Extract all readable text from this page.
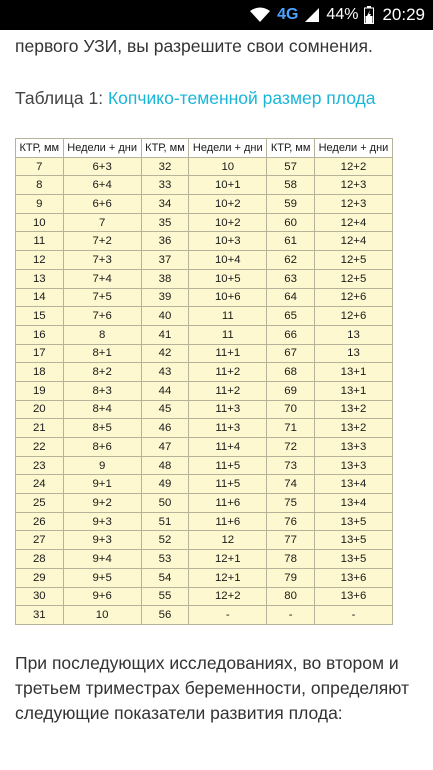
4G 44% 20:29

первого УЗИ, вы разрешите свои сомнения.

Таблица 1: Копчико-теменной размер плода

КТР, мм	Недели + дни	КТР, мм	Недели + дни	КТР, мм	Недели + дни
7	6+3	32	10	57	12+2
8	6+4	33	10+1	58	12+3
9	6+6	34	10+2	59	12+3
10	7	35	10+2	60	12+4
11	7+2	36	10+3	61	12+4
12	7+3	37	10+4	62	12+5
13	7+4	38	10+5	63	12+5
14	7+5	39	10+6	64	12+6
15	7+6	40	11	65	12+6
16	8	41	11	66	13
17	8+1	42	11+1	67	13
18	8+2	43	11+2	68	13+1
19	8+3	44	11+2	69	13+1
20	8+4	45	11+3	70	13+2
21	8+5	46	11+3	71	13+2
22	8+6	47	11+4	72	13+3
23	9	48	11+5	73	13+3
24	9+1	49	11+5	74	13+4
25	9+2	50	11+6	75	13+4
26	9+3	51	11+6	76	13+5
27	9+3	52	12	77	13+5
28	9+4	53	12+1	78	13+5
29	9+5	54	12+1	79	13+6
30	9+6	55	12+2	80	13+6
31	10	56	-	-	-

При последующих исследованиях, во втором и третьем триместрах беременности, определяют следующие показатели развития плода:
